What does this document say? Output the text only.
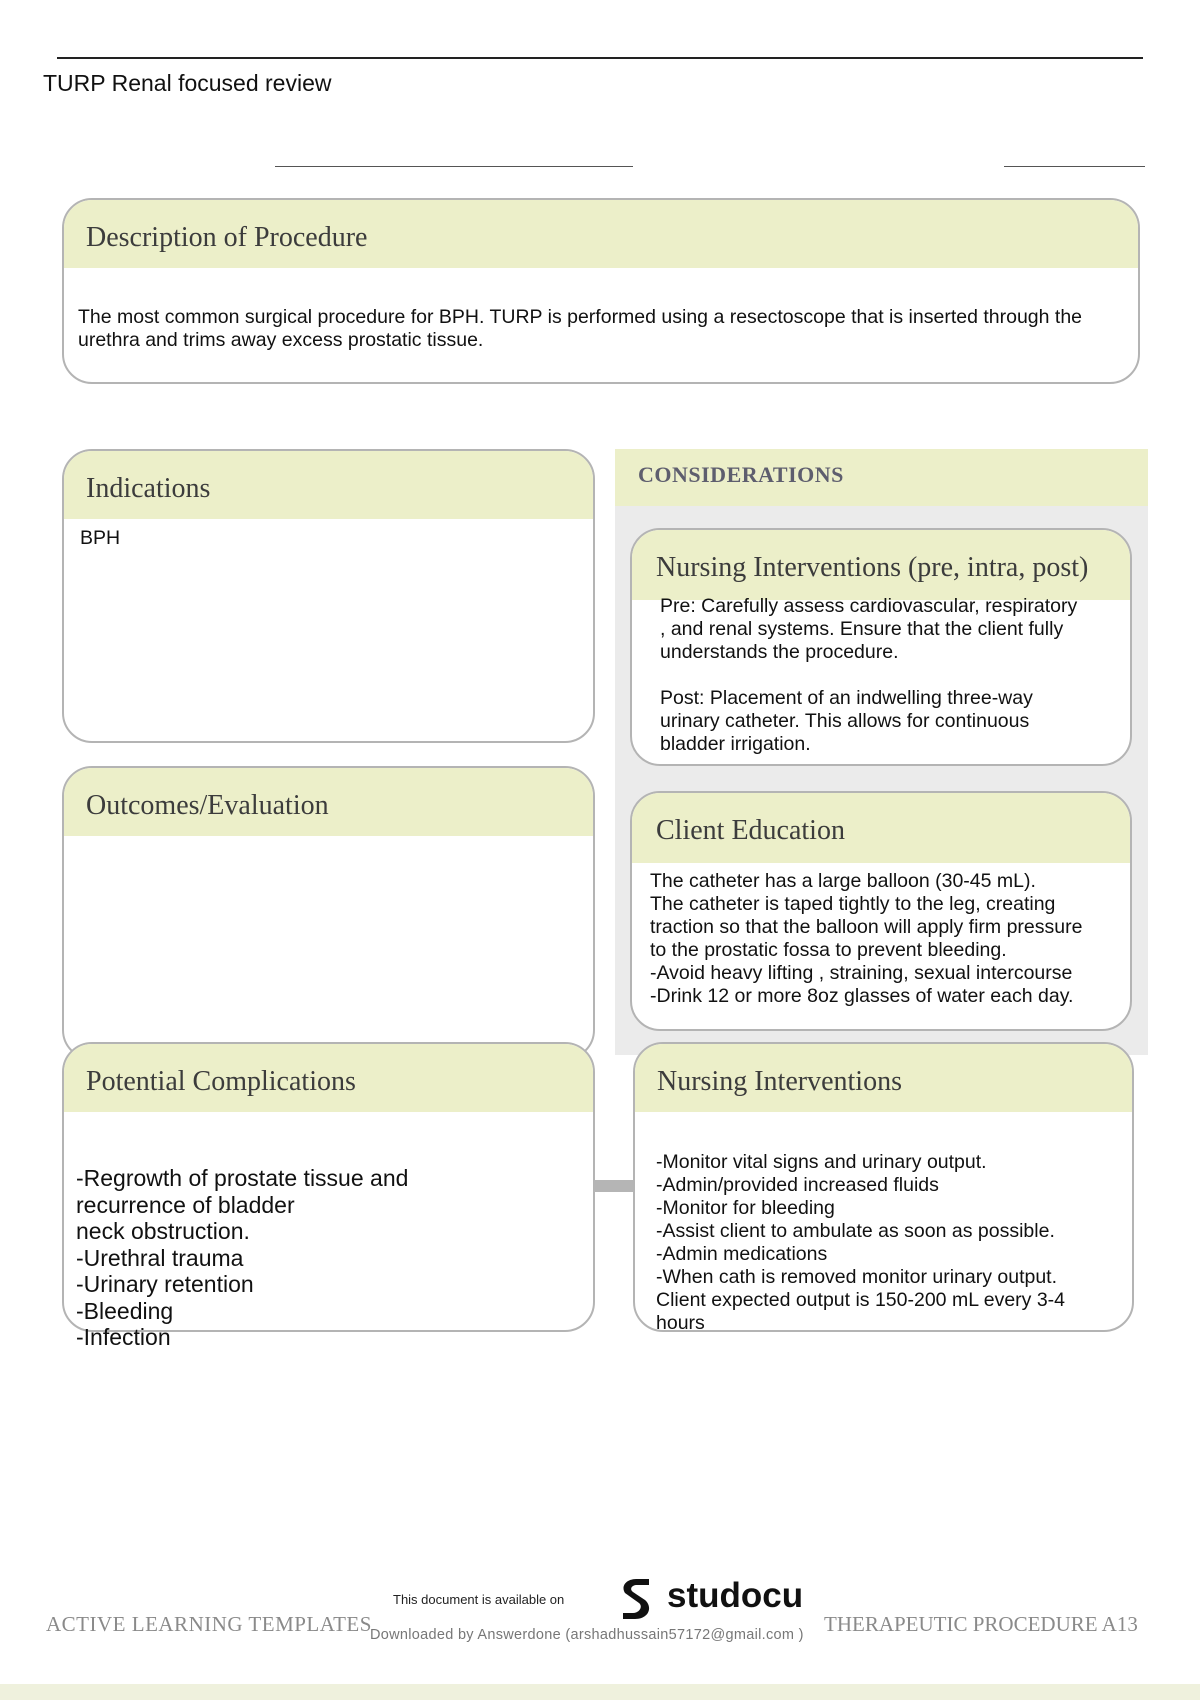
TURP Renal focused review
Description of Procedure
The most common surgical procedure for BPH. TURP is performed using a resectoscope that is inserted through the urethra and trims away excess prostatic tissue.
Indications
BPH
Outcomes/Evaluation
CONSIDERATIONS
Nursing Interventions (pre, intra, post)
Pre: Carefully assess cardiovascular, respiratory
, and renal systems. Ensure that the client fully
understands the procedure.

Post: Placement of an indwelling three-way
urinary catheter. This allows for continuous
bladder irrigation.
Client Education
The catheter has a large balloon (30-45 mL).
The catheter is taped tightly to the leg, creating
traction so that the balloon will apply firm pressure
to the prostatic fossa to prevent bleeding.
-Avoid heavy lifting , straining, sexual intercourse
-Drink 12 or more 8oz glasses of water each day.
Potential Complications
-Regrowth of prostate tissue and
recurrence of bladder
neck obstruction.
-Urethral trauma
-Urinary retention
-Bleeding
-Infection
Nursing Interventions
-Monitor vital signs and urinary output.
-Admin/provided increased fluids
-Monitor for bleeding
-Assist client to ambulate as soon as possible.
-Admin medications
-When cath is removed monitor urinary output.
Client expected output is 150-200 mL every 3-4
hours
This document is available on	studocu
ACTIVE LEARNING TEMPLATES	THERAPEUTIC PROCEDURE A13
Downloaded by Answerdone (arshadhussain57172@gmail.com )
